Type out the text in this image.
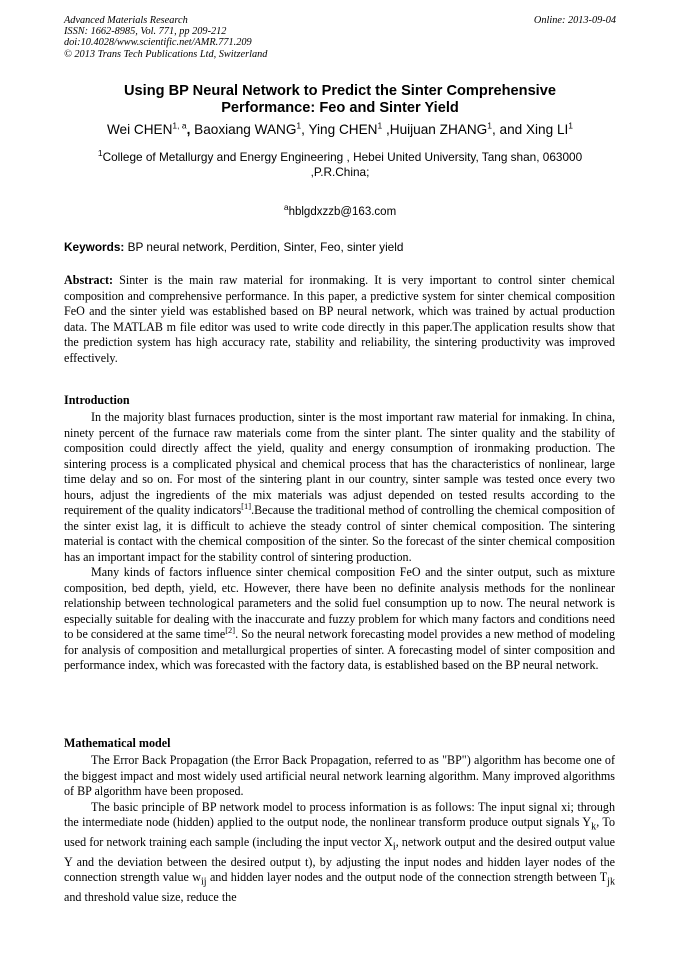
Advanced Materials Research
ISSN: 1662-8985, Vol. 771, pp 209-212
doi:10.4028/www.scientific.net/AMR.771.209
© 2013 Trans Tech Publications Ltd, Switzerland
Online: 2013-09-04
Using BP Neural Network to Predict the Sinter Comprehensive
Performance: Feo and Sinter Yield
Wei CHEN$^{1, a}$, Baoxiang WANG$^1$, Ying CHEN$^1$ ,Huijuan ZHANG$^1$, and Xing $LI^1$
$^1$College of Metallurgy and Energy Engineering , Hebei United University, Tang shan, 063000
,P.R.China;
$^a$hblgdxzzb@163.com
Keywords: BP neural network, Perdition, Sinter, Feo, sinter yield

Abstract: Sinter is the main raw material for ironmaking. It is very important to control sinter chemical composition and comprehensive performance. In this paper, a predictive system for sinter chemical composition FeO and the sinter yield was established based on BP neural network, which was trained by actual production data. The MATLAB m file editor was used to write code directly in this paper.The application results show that the prediction system has high accuracy rate, stability and reliability, the sintering productivity was improved effectively.

Introduction

In the majority blast furnaces production, sinter is the most important raw material for inmaking. In china, ninety percent of the furnace raw materials come from the sinter plant. The sinter quality and the stability of composition could directly affect the yield, quality and energy consumption of ironmaking production. The sintering process is a complicated physical and chemical process that has the characteristics of nonlinear, large time delay and so on. For most of the sintering plant in our country, sinter sample was tested once every two hours, adjust the ingredients of the mix materials was adjust depended on tested results according to the requirement of the quality indicators[1].Because the traditional method of controlling the chemical composition of the sinter exist lag, it is difficult to achieve the steady control of sinter chemical composition. The sintering material is contact with the chemical composition of the sinter. So the forecast of the sinter chemical composition has an important impact for the stability control of sintering production.

Many kinds of factors influence sinter chemical composition FeO and the sinter output, such as mixture composition, bed depth, yield, etc. However, there have been no definite analysis methods for the nonlinear relationship between technological parameters and the solid fuel consumption up to now. The neural network is especially suitable for dealing with the inaccurate and fuzzy problem for which many factors and conditions need to be considered at the same time[2]. So the neural network forecasting model provides a new method of modeling for analysis of composition and metallurgical properties of sinter. A forecasting model of sinter composition and performance index, which was forecasted with the factory data, is established based on the BP neural network.

Mathematical model

The Error Back Propagation (the Error Back Propagation, referred to as "BP") algorithm has become one of the biggest impact and most widely used artificial neural network learning algorithm. Many improved algorithms of BP algorithm have been proposed.

The basic principle of BP network model to process information is as follows: The input signal xi; through the intermediate node (hidden) applied to the output node, the nonlinear transform produce output signals $Y_k$, To used for network training each sample (including the input vector $X_i$, network output and the desired output value Y and the deviation between the desired output t), by adjusting the input nodes and hidden layer nodes of the connection strength value $w_{ij}$ and hidden layer nodes and the output node of the connection strength between $T_{jk}$ and threshold value size, reduce the
